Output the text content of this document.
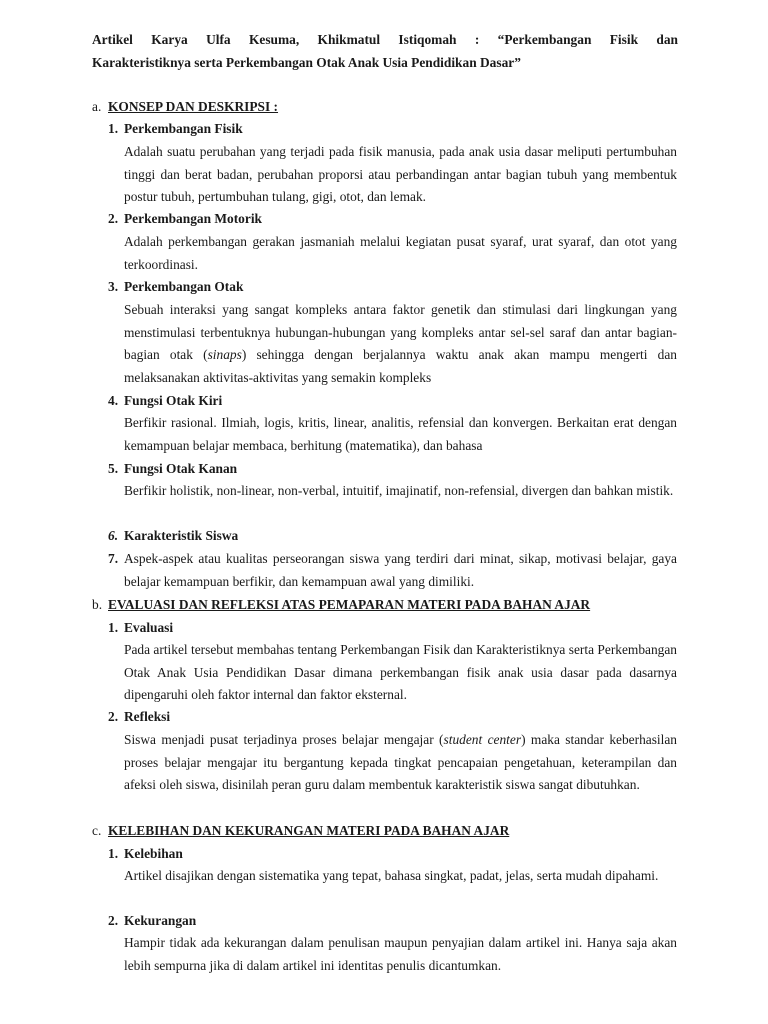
Artikel Karya Ulfa Kesuma, Khikmatul Istiqomah : “Perkembangan Fisik dan
Karakteristiknya serta Perkembangan Otak Anak Usia Pendidikan Dasar”
a. KONSEP DAN DESKRIPSI :
1. Perkembangan Fisik
Adalah suatu perubahan yang terjadi pada fisik manusia, pada anak usia dasar meliputi pertumbuhan tinggi dan berat badan, perubahan proporsi atau perbandingan antar bagian tubuh yang membentuk postur tubuh, pertumbuhan tulang, gigi, otot, dan lemak.
2. Perkembangan Motorik
Adalah perkembangan gerakan jasmaniah melalui kegiatan pusat syaraf, urat syaraf, dan otot yang terkoordinasi.
3. Perkembangan Otak
Sebuah interaksi yang sangat kompleks antara faktor genetik dan stimulasi dari lingkungan yang menstimulasi terbentuknya hubungan-hubungan yang kompleks antar sel-sel saraf dan antar bagian-bagian otak (sinaps) sehingga dengan berjalannya waktu anak akan mampu mengerti dan melaksanakan aktivitas-aktivitas yang semakin kompleks
4. Fungsi Otak Kiri
Berfikir rasional. Ilmiah, logis, kritis, linear, analitis, refensial dan konvergen. Berkaitan erat dengan kemampuan belajar membaca, berhitung (matematika), dan bahasa
5. Fungsi Otak Kanan
Berfikir holistik, non-linear, non-verbal, intuitif, imajinatif, non-refensial, divergen dan bahkan mistik.
6. Karakteristik Siswa
7. Aspek-aspek atau kualitas perseorangan siswa yang terdiri dari minat, sikap, motivasi belajar, gaya belajar kemampuan berfikir, dan kemampuan awal yang dimiliki.
b. EVALUASI DAN REFLEKSI ATAS PEMAPARAN MATERI PADA BAHAN AJAR
1. Evaluasi
Pada artikel tersebut membahas tentang Perkembangan Fisik dan Karakteristiknya serta Perkembangan Otak Anak Usia Pendidikan Dasar dimana perkembangan fisik anak usia dasar pada dasarnya dipengaruhi oleh faktor internal dan faktor eksternal.
2. Refleksi
Siswa menjadi pusat terjadinya proses belajar mengajar (student center) maka standar keberhasilan proses belajar mengajar itu bergantung kepada tingkat pencapaian pengetahuan, keterampilan dan afeksi oleh siswa, disinilah peran guru dalam membentuk karakteristik siswa sangat dibutuhkan.
c. KELEBIHAN DAN KEKURANGAN MATERI PADA BAHAN AJAR
1. Kelebihan
Artikel disajikan dengan sistematika yang tepat, bahasa singkat, padat, jelas, serta mudah dipahami.
2. Kekurangan
Hampir tidak ada kekurangan dalam penulisan maupun penyajian dalam artikel ini. Hanya saja akan lebih sempurna jika di dalam artikel ini identitas penulis dicantumkan.
